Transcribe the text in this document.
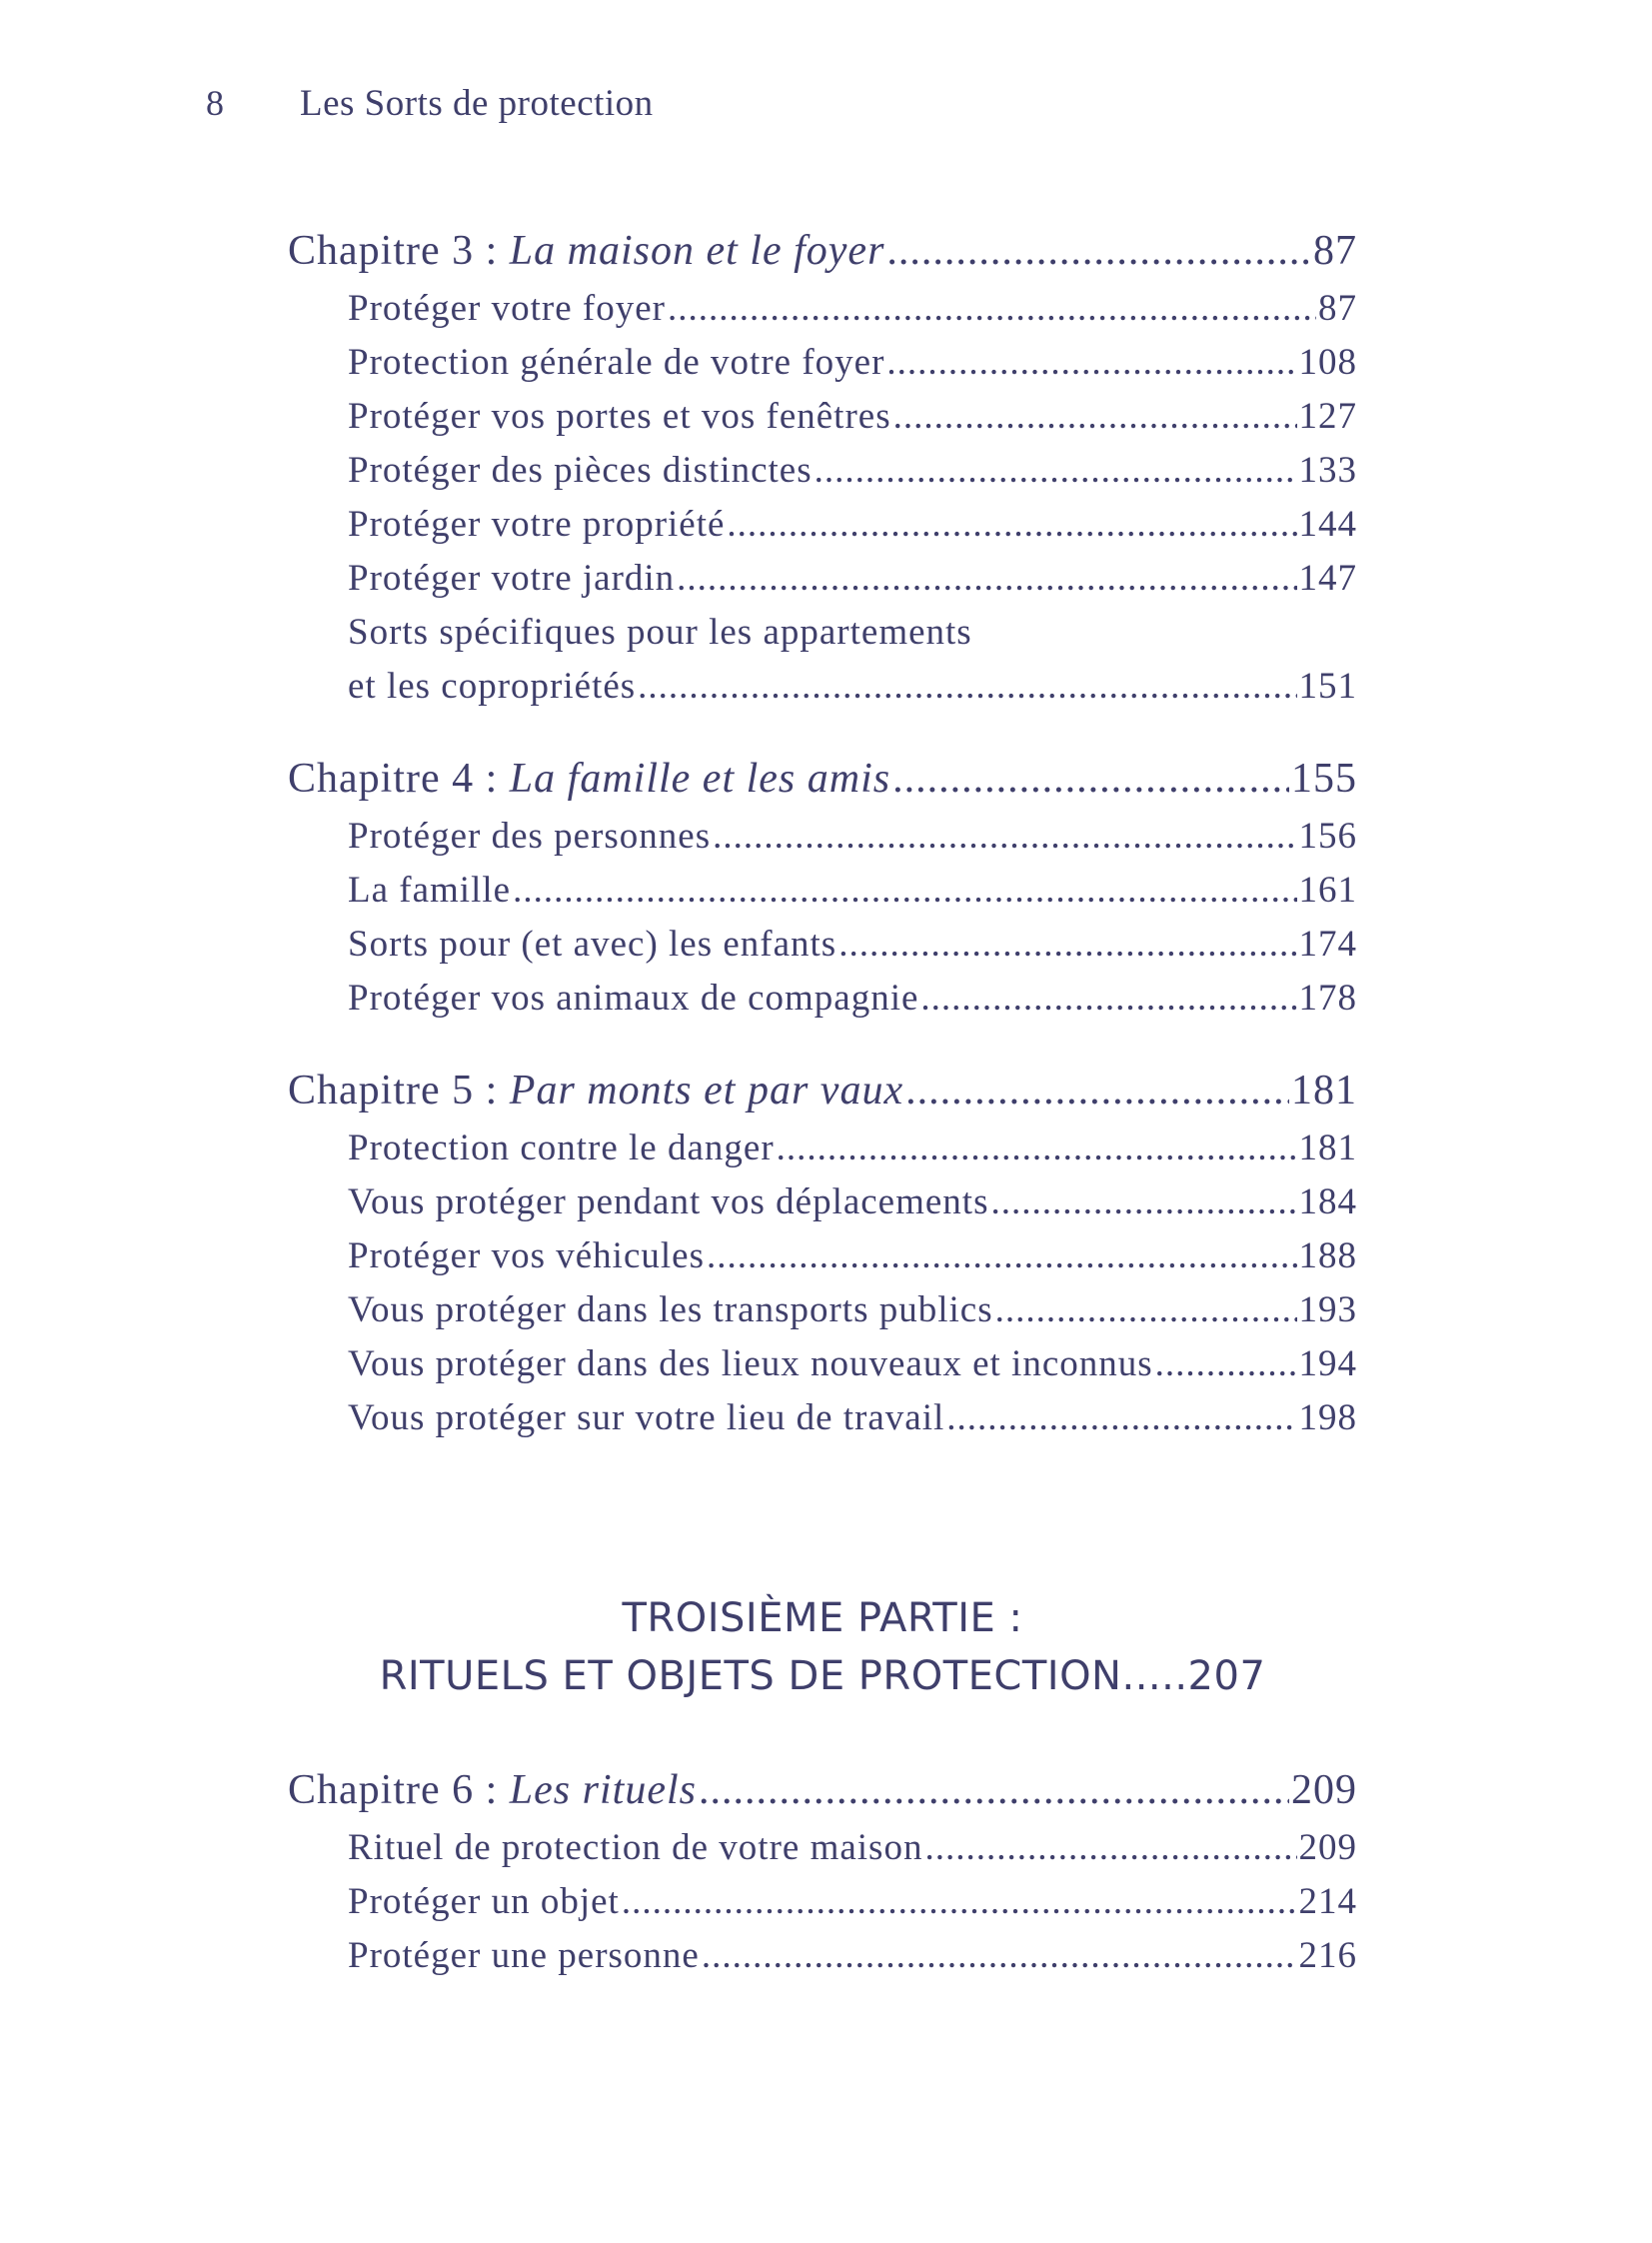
8 Les Sorts de protection
Chapitre 3 : La maison et le foyer .....	87
Protéger votre foyer .....	87
Protection générale de votre foyer .....	108
Protéger vos portes et vos fenêtres .....	127
Protéger des pièces distinctes .....	133
Protéger votre propriété .....	144
Protéger votre jardin .....	147
Sorts spécifiques pour les appartements
et les copropriétés .....	151
Chapitre 4 : La famille et les amis .....	155
Protéger des personnes .....	156
La famille .....	161
Sorts pour (et avec) les enfants .....	174
Protéger vos animaux de compagnie .....	178
Chapitre 5 : Par monts et par vaux .....	181
Protection contre le danger .....	181
Vous protéger pendant vos déplacements .....	184
Protéger vos véhicules .....	188
Vous protéger dans les transports publics .....	193
Vous protéger dans des lieux nouveaux et inconnus .....	194
Vous protéger sur votre lieu de travail .....	198
TROISIÈME PARTIE :
RITUELS ET OBJETS DE PROTECTION.....207
Chapitre 6 : Les rituels .....	209
Rituel de protection de votre maison .....	209
Protéger un objet .....	214
Protéger une personne .....	216
